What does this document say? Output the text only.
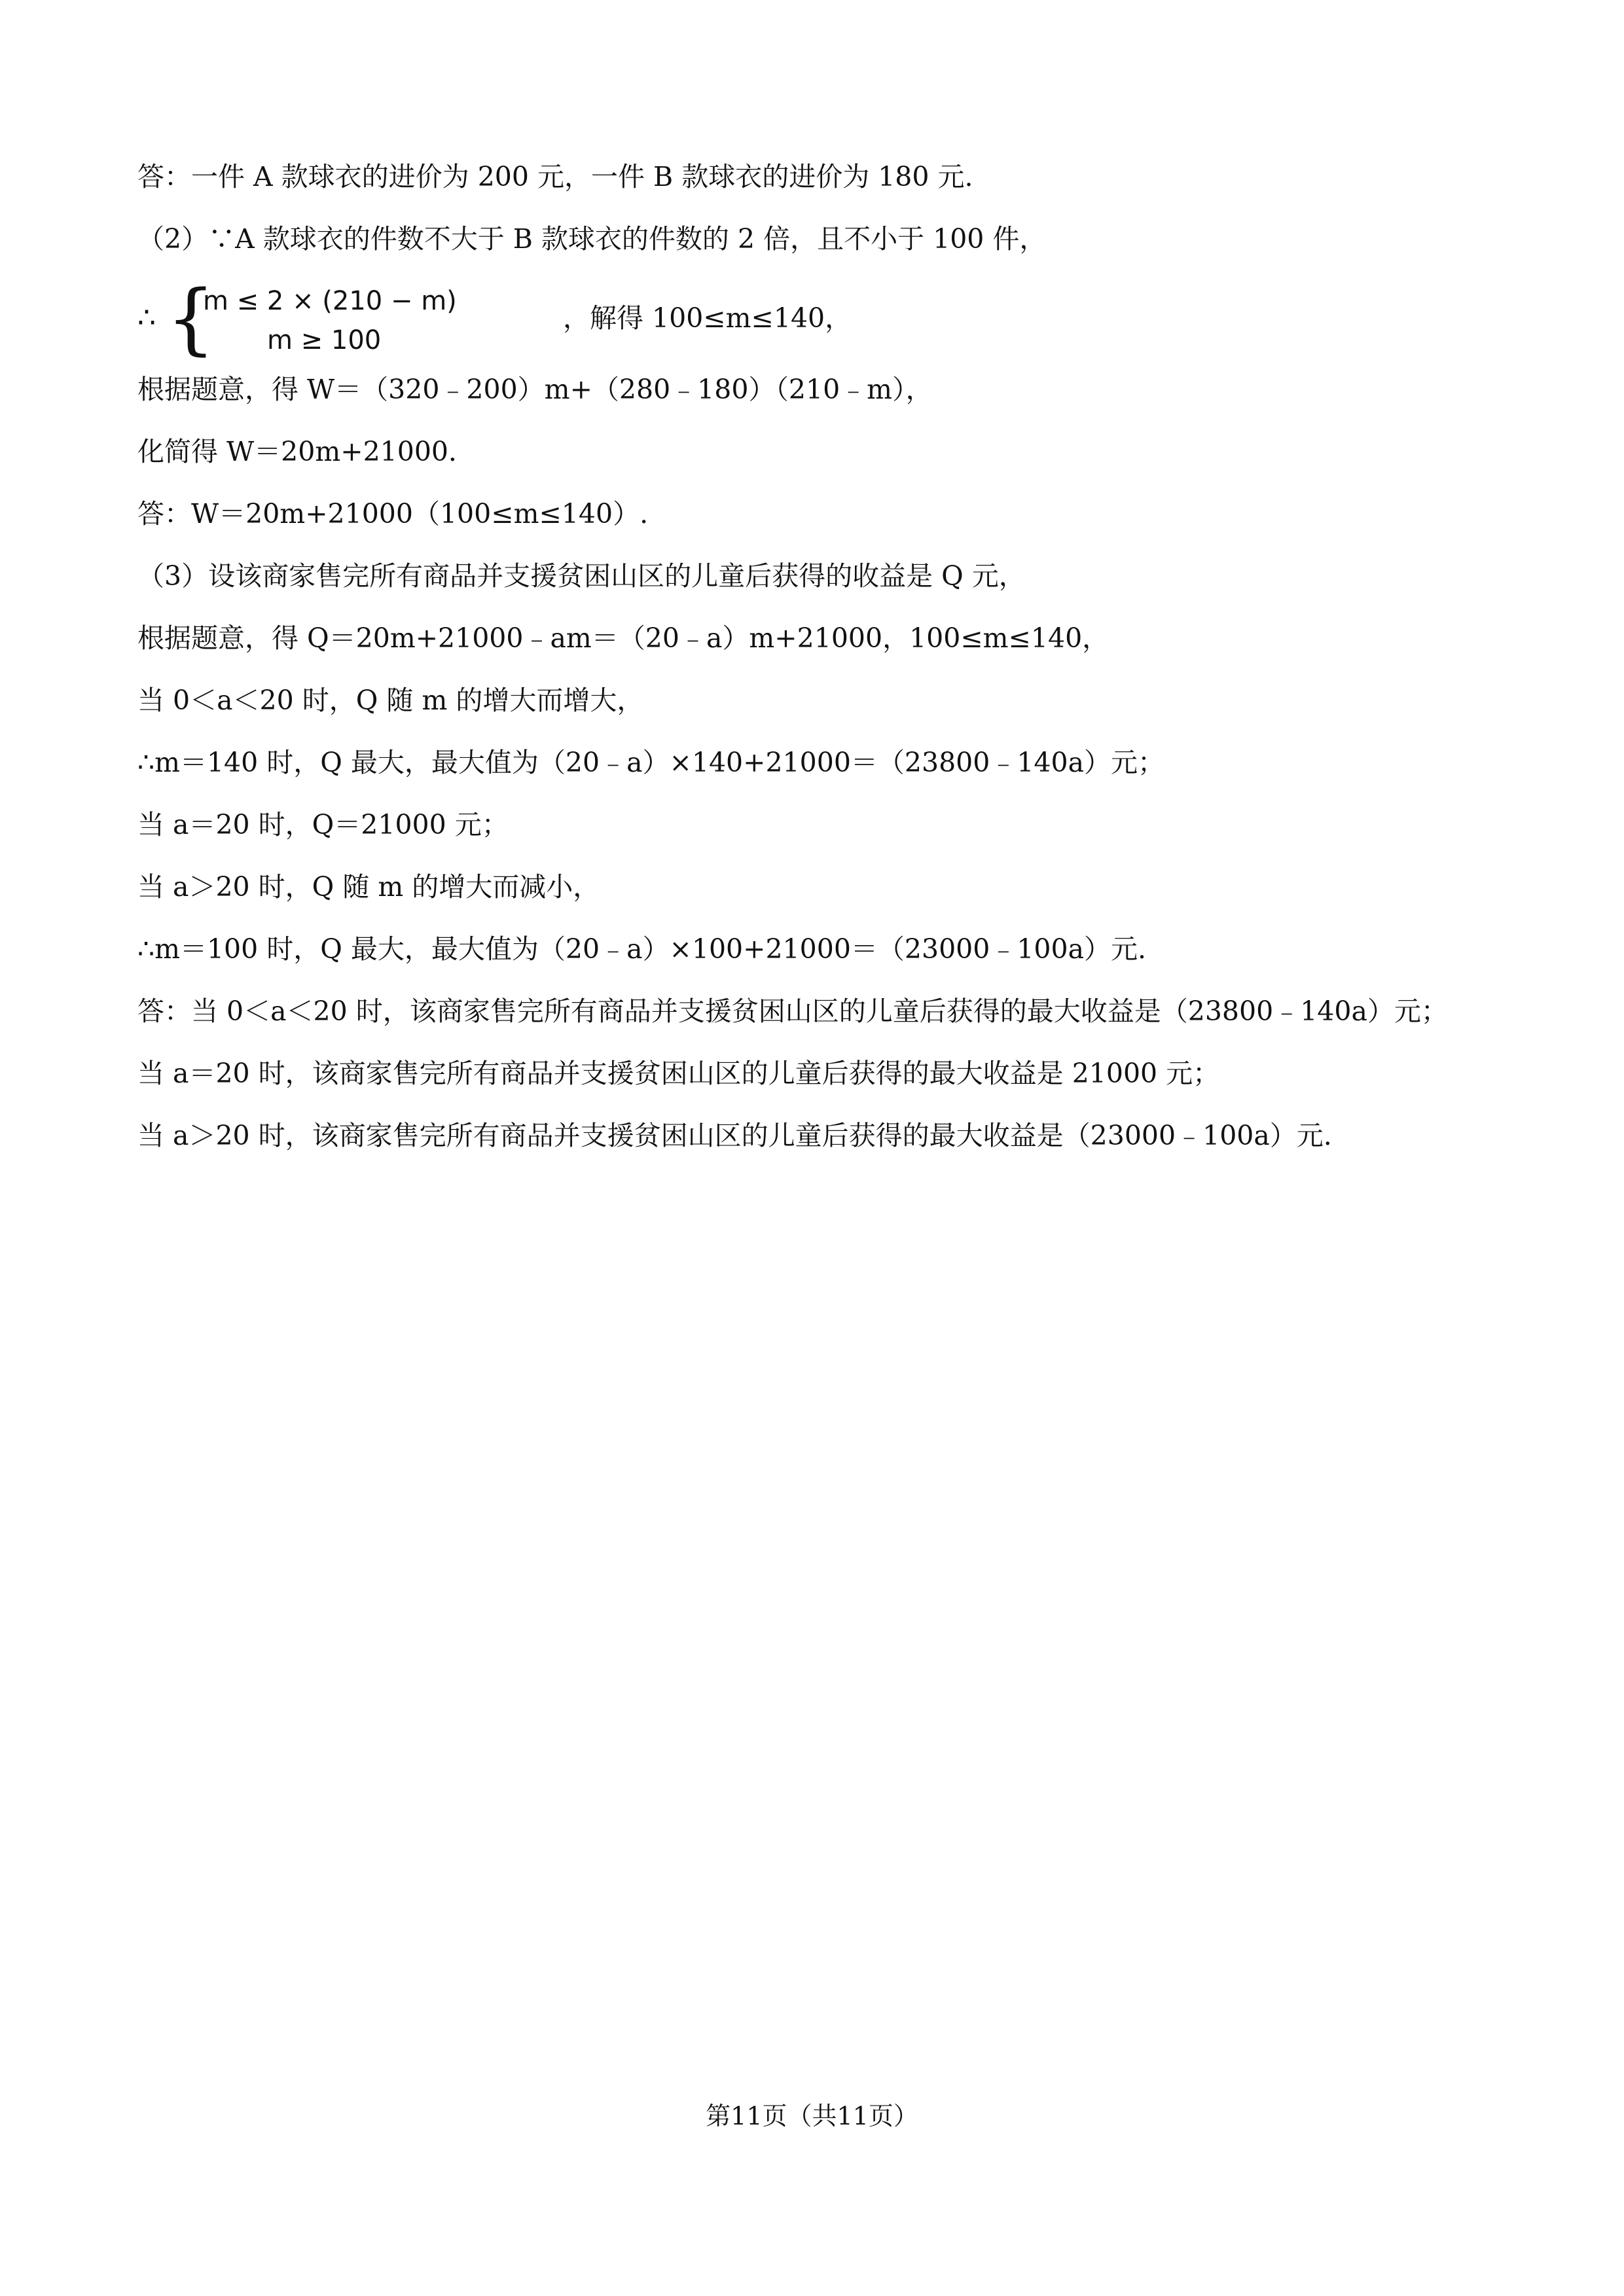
答：一件 A 款球衣的进价为 200 元，一件 B 款球衣的进价为 180 元.
（2）∵A 款球衣的件数不大于 B 款球衣的件数的 2 倍，且不小于 100 件，
∴ {
m ≤ 2 × (210 − m)
m ≥ 100
，解得 100≤m≤140，
根据题意，得 W＝（320﹣200）m+（280﹣180）（210﹣m），
化简得 W＝20m+21000．
答：W＝20m+21000（100≤m≤140）.
（3）设该商家售完所有商品并支援贫困山区的儿童后获得的收益是 Q 元，
根据题意，得 Q＝20m+21000﹣am＝（20﹣a）m+21000，100≤m≤140，
当 0＜a＜20 时，Q 随 m 的增大而增大，
∴m＝140 时，Q 最大，最大值为（20﹣a）×140+21000＝（23800﹣140a）元；
当 a＝20 时，Q＝21000 元；
当 a＞20 时，Q 随 m 的增大而减小，
∴m＝100 时，Q 最大，最大值为（20﹣a）×100+21000＝（23000﹣100a）元.
答：当 0＜a＜20 时，该商家售完所有商品并支援贫困山区的儿童后获得的最大收益是（23800﹣140a）元；
当 a＝20 时，该商家售完所有商品并支援贫困山区的儿童后获得的最大收益是 21000 元；
当 a＞20 时，该商家售完所有商品并支援贫困山区的儿童后获得的最大收益是（23000﹣100a）元.
第11页（共11页）
